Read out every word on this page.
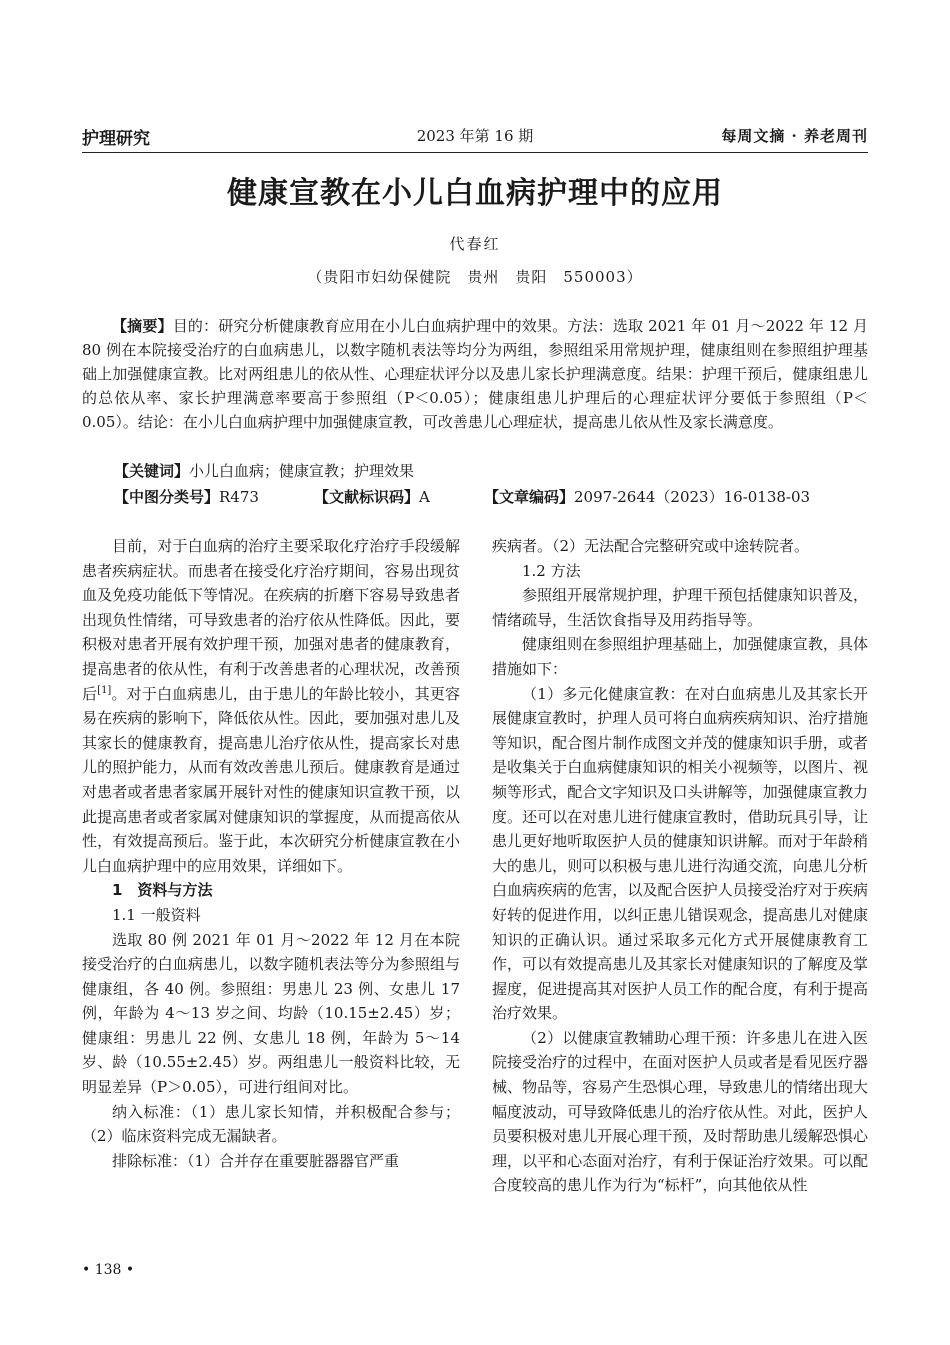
护理研究	2023 年第 16 期	每周文摘 · 养老周刊
健康宣教在小儿白血病护理中的应用
代春红
（贵阳市妇幼保健院　贵州　贵阳　550003）

【摘要】目的：研究分析健康教育应用在小儿白血病护理中的效果。方法：选取 2021 年 01 月～2022 年 12 月 80 例在本院接受治疗的白血病患儿，以数字随机表法等均分为两组，参照组采用常规护理，健康组则在参照组护理基础上加强健康宣教。比对两组患儿的依从性、心理症状评分以及患儿家长护理满意度。结果：护理干预后，健康组患儿的总依从率、家长护理满意率要高于参照组（P＜0.05）；健康组患儿护理后的心理症状评分要低于参照组（P＜0.05）。结论：在小儿白血病护理中加强健康宣教，可改善患儿心理症状，提高患儿依从性及家长满意度。

【关键词】小儿白血病；健康宣教；护理效果
【中图分类号】R473	【文献标识码】A	【文章编码】2097-2644（2023）16-0138-03

目前，对于白血病的治疗主要采取化疗治疗手段缓解患者疾病症状。而患者在接受化疗治疗期间，容易出现贫血及免疫功能低下等情况。在疾病的折磨下容易导致患者出现负性情绪，可导致患者的治疗依从性降低。因此，要积极对患者开展有效护理干预，加强对患者的健康教育，提高患者的依从性，有利于改善患者的心理状况，改善预后[1]。对于白血病患儿，由于患儿的年龄比较小，其更容易在疾病的影响下，降低依从性。因此，要加强对患儿及其家长的健康教育，提高患儿治疗依从性，提高家长对患儿的照护能力，从而有效改善患儿预后。健康教育是通过对患者或者患者家属开展针对性的健康知识宣教干预，以此提高患者或者家属对健康知识的掌握度，从而提高依从性，有效提高预后。鉴于此，本次研究分析健康宣教在小儿白血病护理中的应用效果，详细如下。

1　资料与方法

1.1 一般资料

选取 80 例 2021 年 01 月～2022 年 12 月在本院接受治疗的白血病患儿，以数字随机表法等分为参照组与健康组，各 40 例。参照组：男患儿 23 例、女患儿 17 例，年龄为 4～13 岁之间、均龄（10.15±2.45）岁；健康组：男患儿 22 例、女患儿 18 例，年龄为 5～14 岁、龄（10.55±2.45）岁。两组患儿一般资料比较，无明显差异（P＞0.05），可进行组间对比。

纳入标准：（1）患儿家长知情，并积极配合参与；（2）临床资料完成无漏缺者。

排除标准：（1）合并存在重要脏器器官严重

疾病者。（2）无法配合完整研究或中途转院者。

1.2 方法

参照组开展常规护理，护理干预包括健康知识普及，情绪疏导，生活饮食指导及用药指导等。

健康组则在参照组护理基础上，加强健康宣教，具体措施如下：

（1）多元化健康宣教：在对白血病患儿及其家长开展健康宣教时，护理人员可将白血病疾病知识、治疗措施等知识，配合图片制作成图文并茂的健康知识手册，或者是收集关于白血病健康知识的相关小视频等，以图片、视频等形式，配合文字知识及口头讲解等，加强健康宣教力度。还可以在对患儿进行健康宣教时，借助玩具引导，让患儿更好地听取医护人员的健康知识讲解。而对于年龄稍大的患儿，则可以积极与患儿进行沟通交流，向患儿分析白血病疾病的危害，以及配合医护人员接受治疗对于疾病好转的促进作用，以纠正患儿错误观念，提高患儿对健康知识的正确认识。通过采取多元化方式开展健康教育工作，可以有效提高患儿及其家长对健康知识的了解度及掌握度，促进提高其对医护人员工作的配合度，有利于提高治疗效果。

（2）以健康宣教辅助心理干预：许多患儿在进入医院接受治疗的过程中，在面对医护人员或者是看见医疗器械、物品等，容易产生恐惧心理，导致患儿的情绪出现大幅度波动，可导致降低患儿的治疗依从性。对此，医护人员要积极对患儿开展心理干预，及时帮助患儿缓解恐惧心理，以平和心态面对治疗，有利于保证治疗效果。可以配合度较高的患儿作为行为“标杆”，向其他依从性

• 138 •
